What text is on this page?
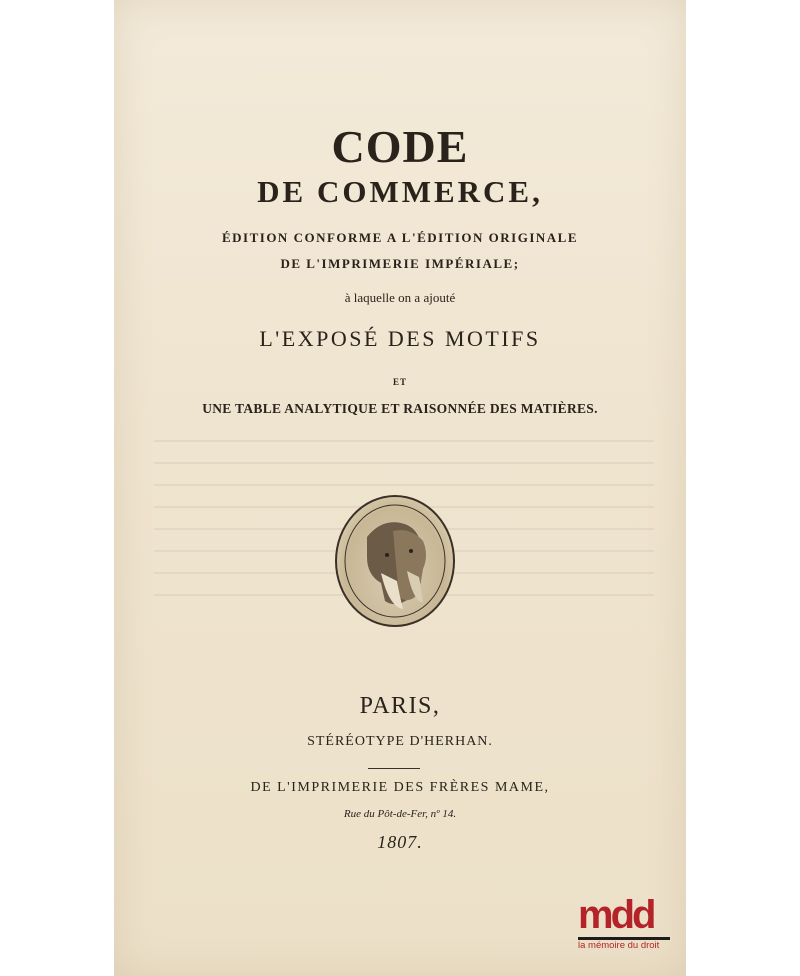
CODE
DE COMMERCE,
ÉDITION CONFORME A L'ÉDITION ORIGINALE
DE L'IMPRIMERIE IMPÉRIALE;
à laquelle on a ajouté
L'EXPOSÉ DES MOTIFS
ET
UNE TABLE ANALYTIQUE ET RAISONNÉE DES MATIÈRES.
PARIS,
STÉRÉOTYPE D'HERHAN.
DE L'IMPRIMERIE DES FRÈRES MAME,
Rue du Pôt-de-Fer, nº 14.
1807.
mdd
la mémoire du droit
